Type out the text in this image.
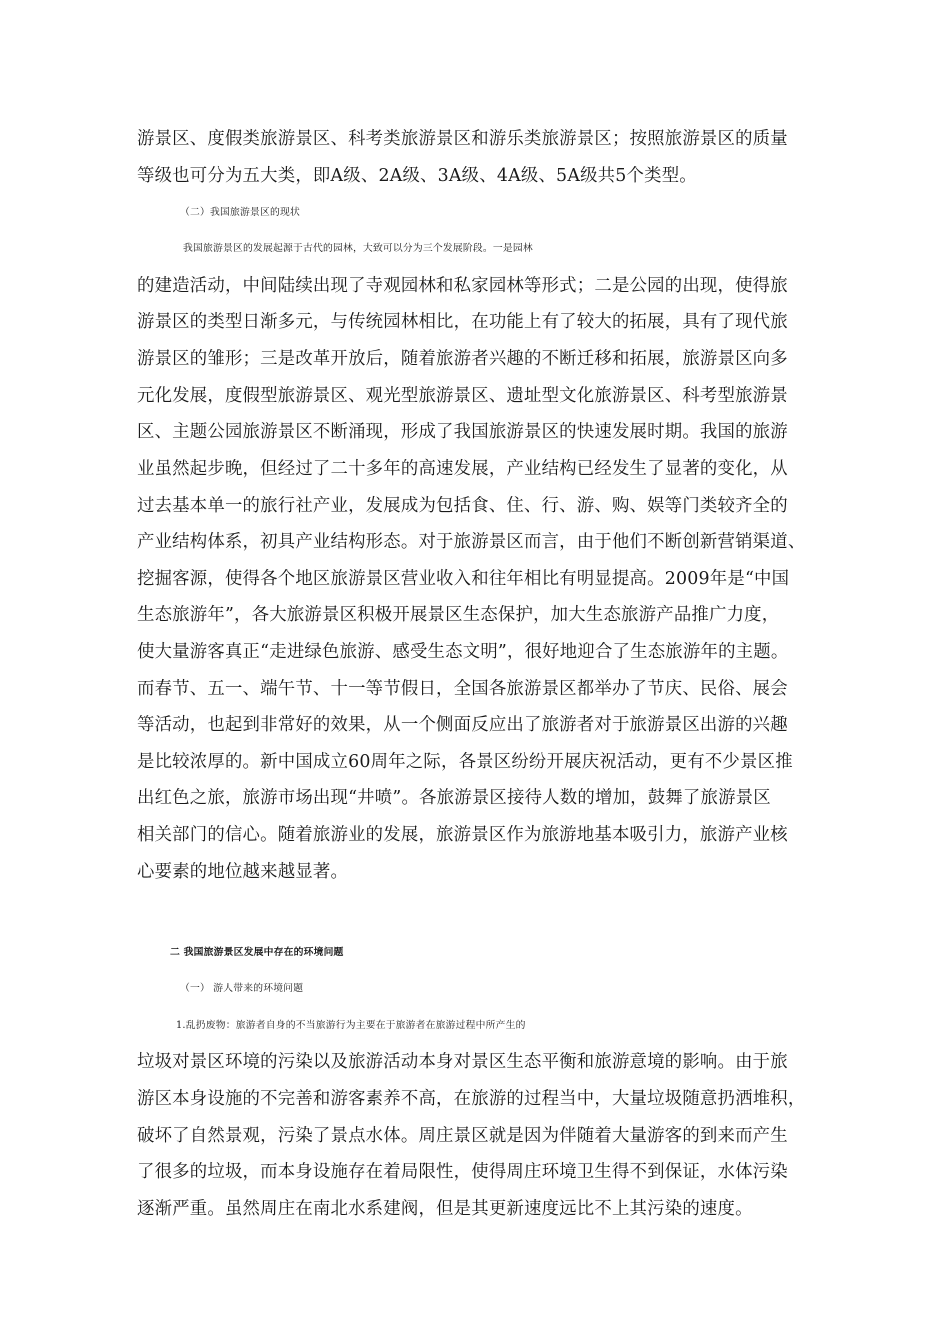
游景区、度假类旅游景区、科考类旅游景区和游乐类旅游景区；按照旅游景区的质量
等级也可分为五大类，即A级、2A级、3A级、4A级、5A级共5个类型。
（二）我国旅游景区的现状
我国旅游景区的发展起源于古代的园林，大致可以分为三个发展阶段。一是园林
的建造活动，中间陆续出现了寺观园林和私家园林等形式；二是公园的出现，使得旅
游景区的类型日渐多元，与传统园林相比，在功能上有了较大的拓展，具有了现代旅
游景区的雏形；三是改革开放后，随着旅游者兴趣的不断迁移和拓展，旅游景区向多
元化发展，度假型旅游景区、观光型旅游景区、遗址型文化旅游景区、科考型旅游景
区、主题公园旅游景区不断涌现，形成了我国旅游景区的快速发展时期。我国的旅游
业虽然起步晚，但经过了二十多年的高速发展，产业结构已经发生了显著的变化，从
过去基本单一的旅行社产业，发展成为包括食、住、行、游、购、娱等门类较齐全的
产业结构体系，初具产业结构形态。对于旅游景区而言，由于他们不断创新营销渠道、
挖掘客源，使得各个地区旅游景区营业收入和往年相比有明显提高。2009年是“中国
生态旅游年”，各大旅游景区积极开展景区生态保护，加大生态旅游产品推广力度，
使大量游客真正“走进绿色旅游、感受生态文明”，很好地迎合了生态旅游年的主题。
而春节、五一、端午节、十一等节假日，全国各旅游景区都举办了节庆、民俗、展会
等活动，也起到非常好的效果，从一个侧面反应出了旅游者对于旅游景区出游的兴趣
是比较浓厚的。新中国成立60周年之际，各景区纷纷开展庆祝活动，更有不少景区推
出红色之旅，旅游市场出现“井喷”。各旅游景区接待人数的增加，鼓舞了旅游景区
相关部门的信心。随着旅游业的发展，旅游景区作为旅游地基本吸引力，旅游产业核
心要素的地位越来越显著。
二 我国旅游景区发展中存在的环境问题
（一） 游人带来的环境问题
1.乱扔废物：旅游者自身的不当旅游行为主要在于旅游者在旅游过程中所产生的
垃圾对景区环境的污染以及旅游活动本身对景区生态平衡和旅游意境的影响。由于旅
游区本身设施的不完善和游客素养不高，在旅游的过程当中，大量垃圾随意扔洒堆积，
破坏了自然景观，污染了景点水体。周庄景区就是因为伴随着大量游客的到来而产生
了很多的垃圾，而本身设施存在着局限性，使得周庄环境卫生得不到保证，水体污染
逐渐严重。虽然周庄在南北水系建阀，但是其更新速度远比不上其污染的速度。
